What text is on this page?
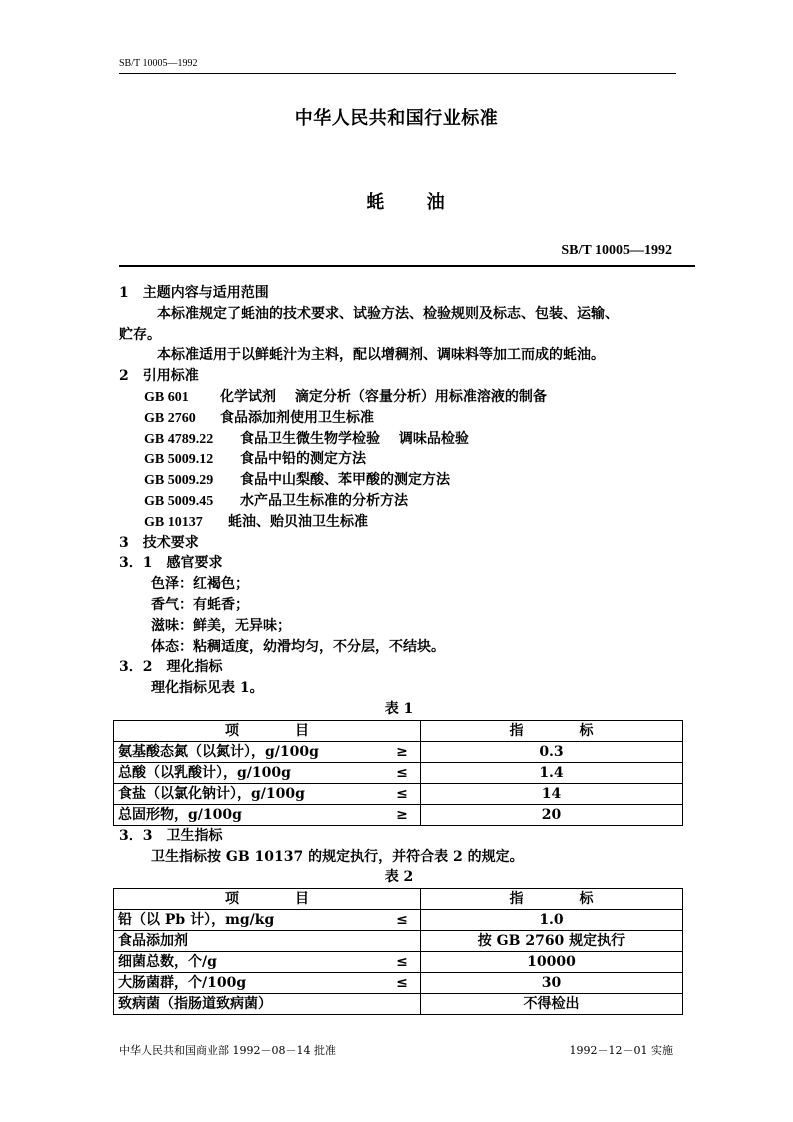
SB/T 10005—1992
中华人民共和国行业标准
蚝 油
SB/T 10005—1992
1　主题内容与适用范围
本标准规定了蚝油的技术要求、试验方法、检验规则及标志、包装、运输、
贮存。
本标准适用于以鲜蚝汁为主料，配以增稠剂、调味料等加工而成的蚝油。
2　引用标准
GB 601 化学试剂　 滴定分析（容量分析）用标准溶液的制备
GB 2760 食品添加剂使用卫生标准
GB 4789.22 食品卫生微生物学检验　 调味品检验
GB 5009.12 食品中铅的测定方法
GB 5009.29 食品中山梨酸、苯甲酸的测定方法
GB 5009.45 水产品卫生标准的分析方法
GB 10137 蚝油、贻贝油卫生标准
3　技术要求
3．1　感官要求
色泽：红褐色；
香气：有蚝香；
滋味：鲜美，无异味；
体态：粘稠适度，幼滑均匀，不分层，不结块。
3．2　理化指标
理化指标见表 1。
表 1
项　　　　目		指　　　　标
氨基酸态氮（以氮计），g/100g	≥	0.3
总酸（以乳酸计），g/100g	≤	1.4
食盐（以氯化钠计），g/100g	≤	14
总固形物，g/100g	≥	20
3．3　卫生指标
卫生指标按 GB 10137 的规定执行，并符合表 2 的规定。
表 2
项　　　　目		指　　　　标
铅（以 Pb 计），mg/kg	≤	1.0
食品添加剂		按 GB 2760 规定执行
细菌总数，个/g	≤	10000
大肠菌群，个/100g	≤	30
致病菌（指肠道致病菌）		不得检出
中华人民共和国商业部 1992－08－14 批准	1992－12－01 实施
